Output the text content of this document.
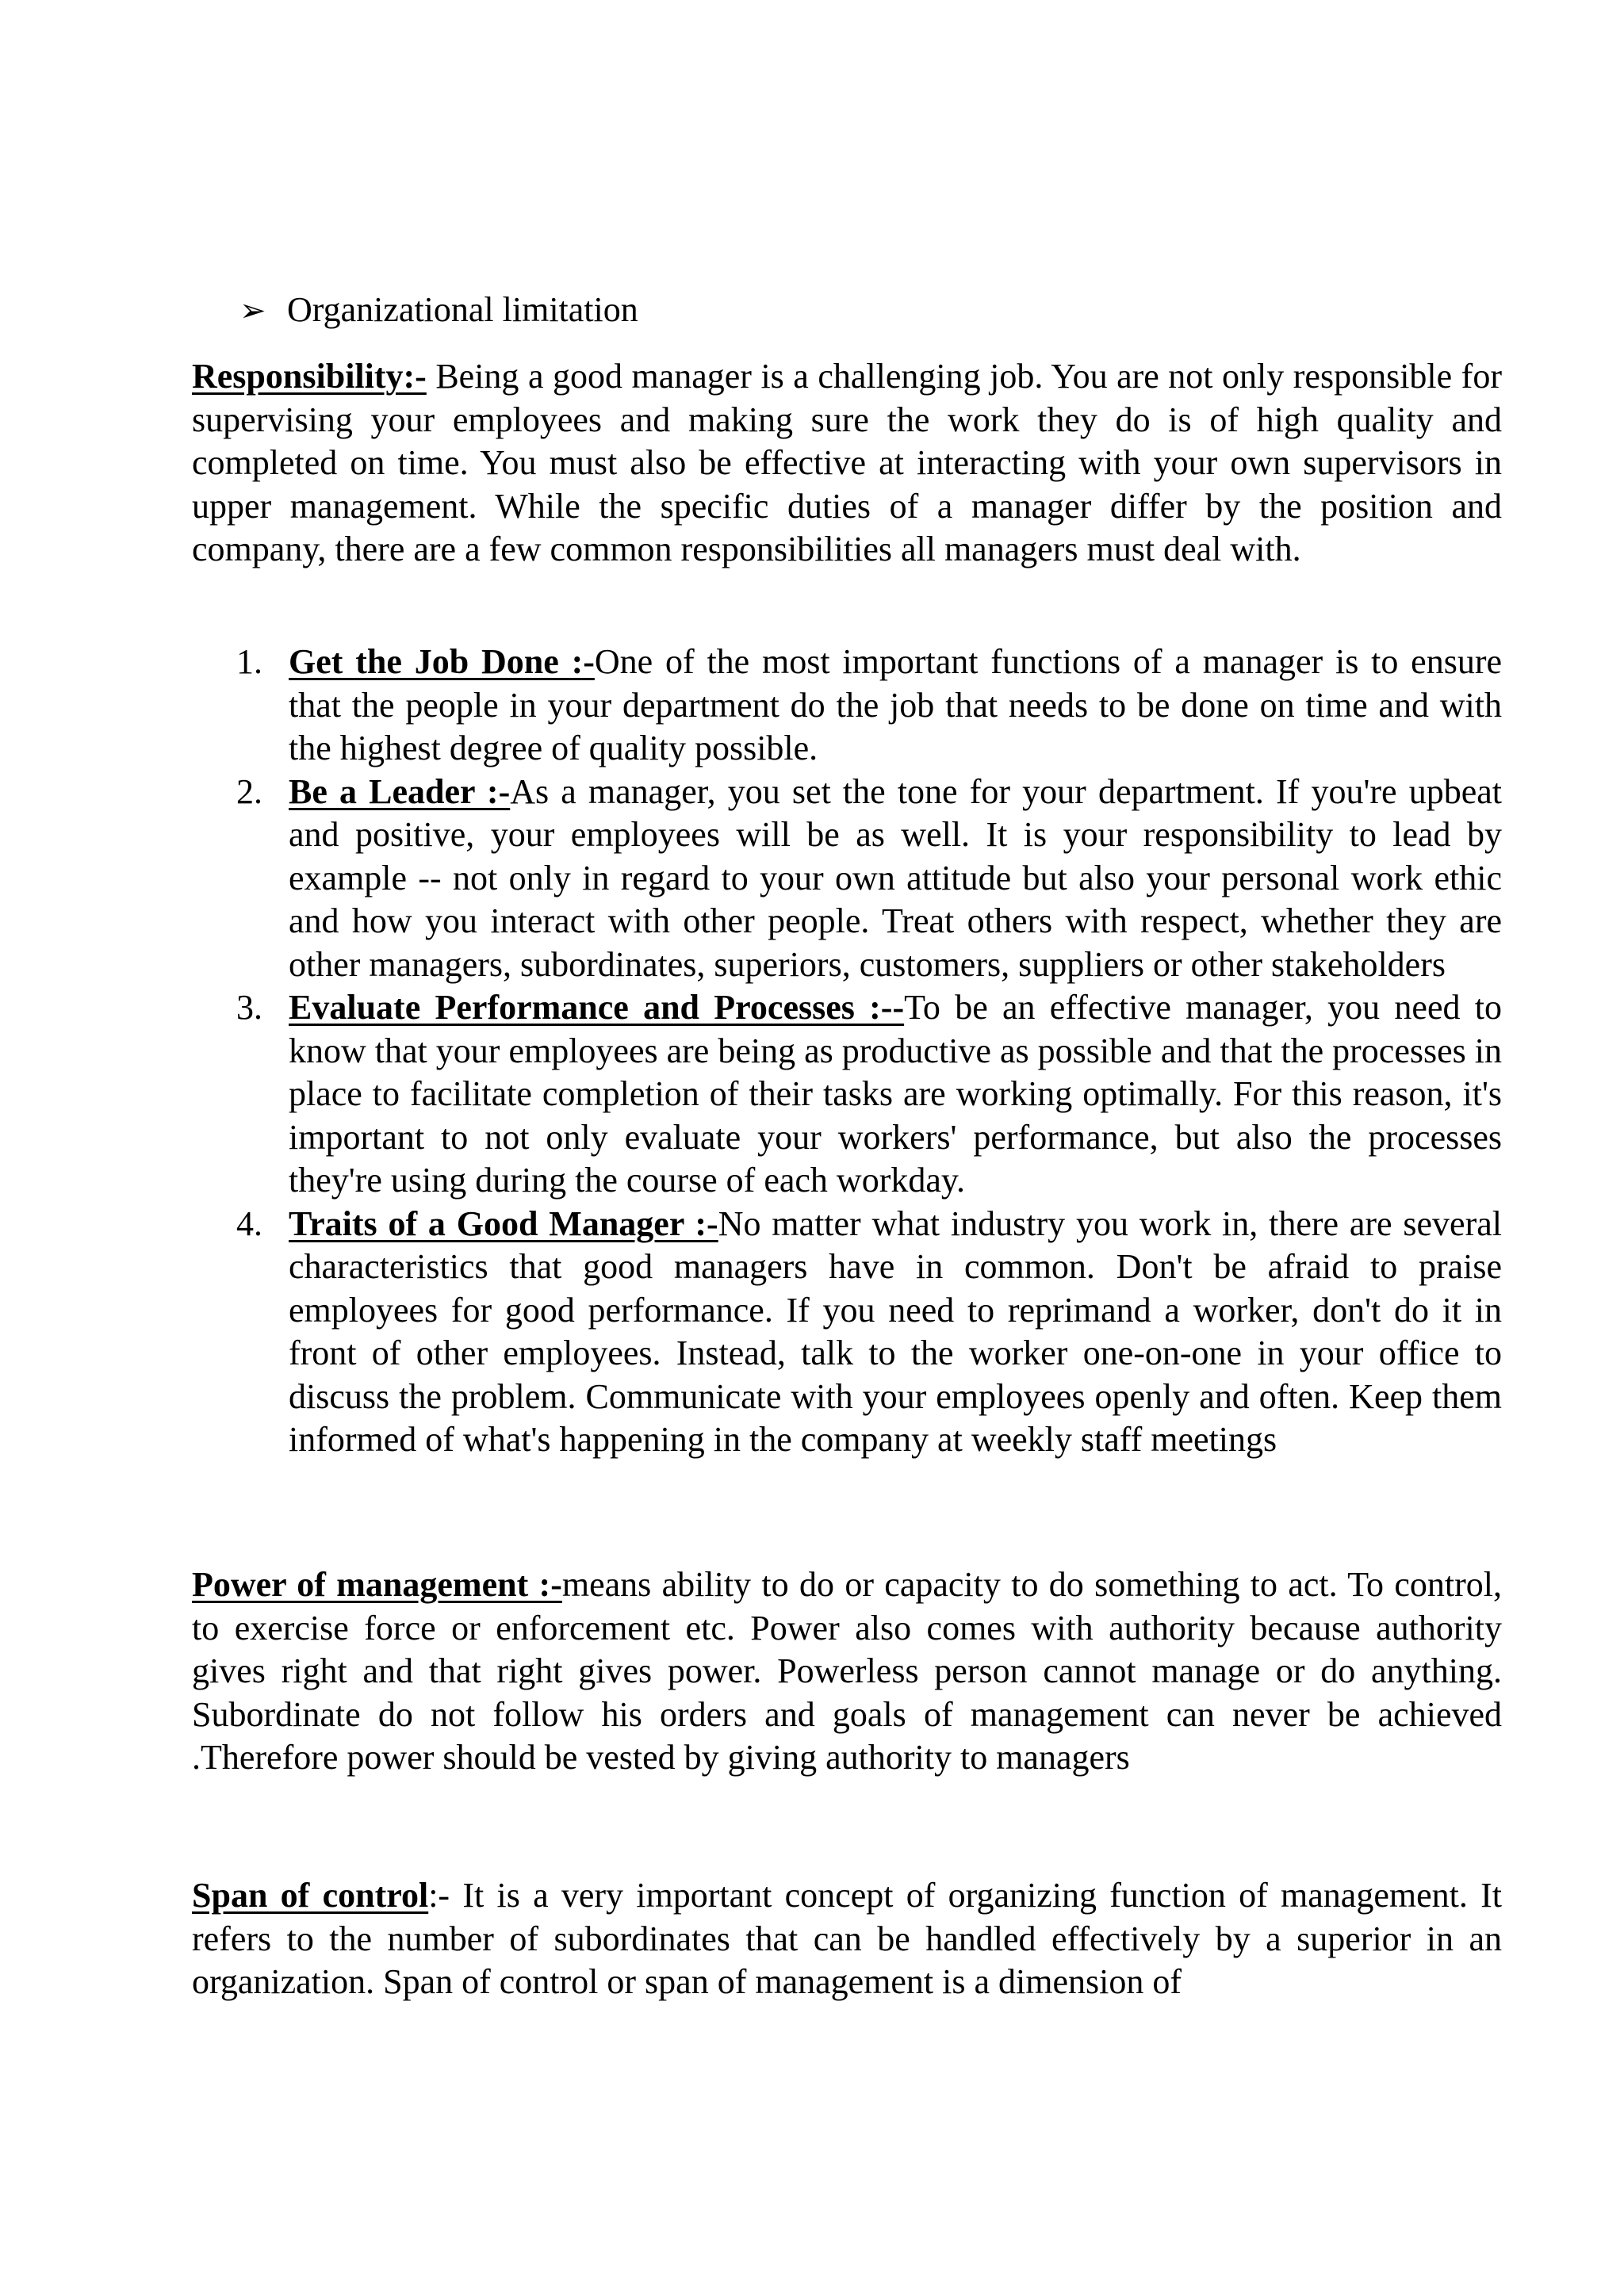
➢ Organizational limitation

Responsibility:- Being a good manager is a challenging job. You are not only responsible for supervising your employees and making sure the work they do is of high quality and completed on time. You must also be effective at interacting with your own supervisors in upper management. While the specific duties of a manager differ by the position and company, there are a few common responsibilities all managers must deal with.

1. Get the Job Done :-One of the most important functions of a manager is to ensure that the people in your department do the job that needs to be done on time and with the highest degree of quality possible.
2. Be a Leader :-As a manager, you set the tone for your department. If you're upbeat and positive, your employees will be as well. It is your responsibility to lead by example -- not only in regard to your own attitude but also your personal work ethic and how you interact with other people. Treat others with respect, whether they are other managers, subordinates, superiors, customers, suppliers or other stakeholders
3. Evaluate Performance and Processes :--To be an effective manager, you need to know that your employees are being as productive as possible and that the processes in place to facilitate completion of their tasks are working optimally. For this reason, it's important to not only evaluate your workers' performance, but also the processes they're using during the course of each workday.
4. Traits of a Good Manager :-No matter what industry you work in, there are several characteristics that good managers have in common. Don't be afraid to praise employees for good performance. If you need to reprimand a worker, don't do it in front of other employees. Instead, talk to the worker one-on-one in your office to discuss the problem. Communicate with your employees openly and often. Keep them informed of what's happening in the company at weekly staff meetings

Power of management :-means ability to do or capacity to do something to act. To control, to exercise force or enforcement etc. Power also comes with authority because authority gives right and that right gives power. Powerless person cannot manage or do anything. Subordinate do not follow his orders and goals of management can never be achieved .Therefore power should be vested by giving authority to managers

Span of control:- It is a very important concept of organizing function of management. It refers to the number of subordinates that can be handled effectively by a superior in an organization. Span of control or span of management is a dimension of
